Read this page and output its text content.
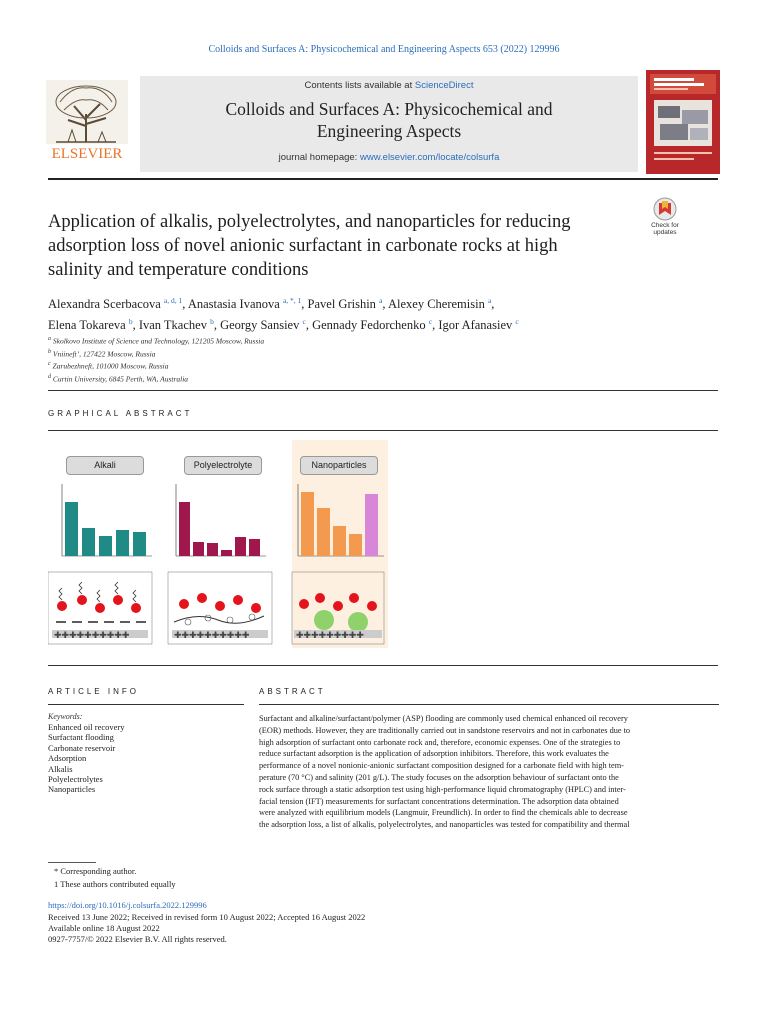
Colloids and Surfaces A: Physicochemical and Engineering Aspects 653 (2022) 129996
ELSEVIER
Contents lists available at ScienceDirect
Colloids and Surfaces A: Physicochemical and
Engineering Aspects
journal homepage: www.elsevier.com/locate/colsurfa
Check for
updates
Application of alkalis, polyelectrolytes, and nanoparticles for reducing
adsorption loss of novel anionic surfactant in carbonate rocks at high
salinity and temperature conditions
Alexandra Scerbacova $^{a, d, 1}$, Anastasia Ivanova $^{a, *, 1}$, Pavel Grishin $^a$, Alexey Cheremisin $^a$,
Elena Tokareva $^b$, Ivan Tkachev $^b$, Georgy Sansiev $^c$, Gennady Fedorchenko $^c$, Igor Afanasiev $^c$
$^a$ Skolkovo Institute of Science and Technology, 121205 Moscow, Russia
$^b$ Vniineft’, 127422 Moscow, Russia
$^c$ Zarubezhneft, 101000 Moscow, Russia
$^d$ Curtin University, 6845 Perth, WA, Australia
GRAPHICAL ABSTRACT
✚✚✚✚✚✚✚✚✚✚	✚✚✚✚✚✚✚✚✚✚	✚✚✚✚✚✚✚✚✚
Alkali	Polyelectrolyte	Nanoparticles
ARTICLE INFO	ABSTRACT
Keywords:
Enhanced oil recovery
Surfactant flooding
Carbonate reservoir
Adsorption
Alkalis
Polyelectrolytes
Nanoparticles
Surfactant and alkaline/surfactant/polymer (ASP) flooding are commonly used chemical enhanced oil recovery
(EOR) methods. However, they are traditionally carried out in sandstone reservoirs and not in carbonates due to
high adsorption of surfactant onto carbonate rock and, therefore, economic expenses. One of the strategies to
reduce surfactant adsorption is the application of adsorption inhibitors. Therefore, this work evaluates the
performance of a novel nonionic-anionic surfactant composition designed for a carbonate field with high tem-
perature (70 °C) and salinity (201 g/L). The study focuses on the adsorption behaviour of surfactant onto the
rock surface through a static adsorption test using high-performance liquid chromatography (HPLC) and inter-
facial tension (IFT) measurements for surfactant concentrations determination. The adsorption data obtained
were analyzed with equilibrium models (Langmuir, Freundlich). In order to find the chemicals able to decrease
the adsorption loss, a list of alkalis, polyelectrolytes, and nanoparticles was tested for compatibility and thermal
* Corresponding author.
1 These authors contributed equally
https://doi.org/10.1016/j.colsurfa.2022.129996
Received 13 June 2022; Received in revised form 10 August 2022; Accepted 16 August 2022
Available online 18 August 2022
0927-7757/© 2022 Elsevier B.V. All rights reserved.
